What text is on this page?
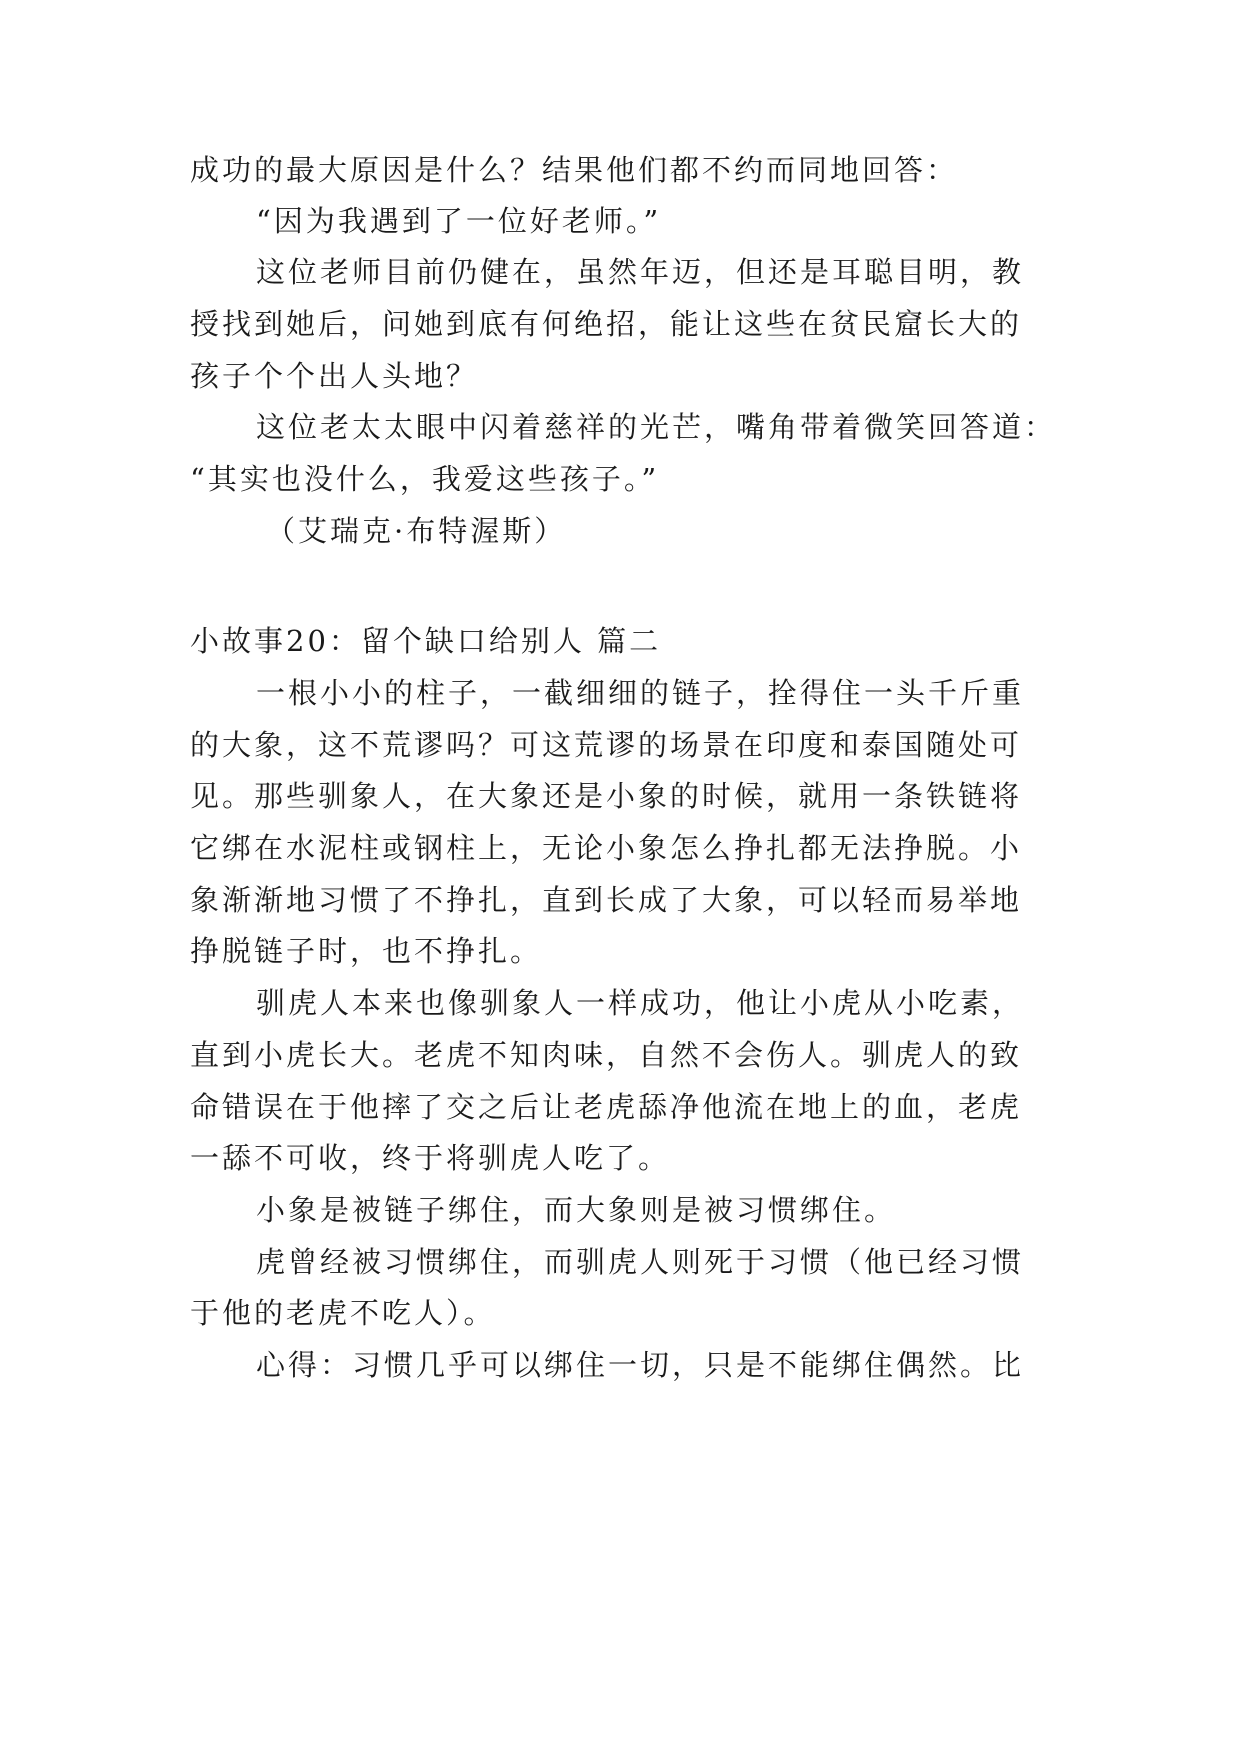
成功的最大原因是什么？结果他们都不约而同地回答：
“因为我遇到了一位好老师。”
这位老师目前仍健在，虽然年迈，但还是耳聪目明，教
授找到她后，问她到底有何绝招，能让这些在贫民窟长大的
孩子个个出人头地？
这位老太太眼中闪着慈祥的光芒，嘴角带着微笑回答道：
“其实也没什么，我爱这些孩子。”
（艾瑞克·布特渥斯）
小故事20：留个缺口给别人 篇二
一根小小的柱子，一截细细的链子，拴得住一头千斤重
的大象，这不荒谬吗？可这荒谬的场景在印度和泰国随处可
见。那些驯象人，在大象还是小象的时候，就用一条铁链将
它绑在水泥柱或钢柱上，无论小象怎么挣扎都无法挣脱。小
象渐渐地习惯了不挣扎，直到长成了大象，可以轻而易举地
挣脱链子时，也不挣扎。
驯虎人本来也像驯象人一样成功，他让小虎从小吃素，
直到小虎长大。老虎不知肉味，自然不会伤人。驯虎人的致
命错误在于他摔了交之后让老虎舔净他流在地上的血，老虎
一舔不可收，终于将驯虎人吃了。
小象是被链子绑住，而大象则是被习惯绑住。
虎曾经被习惯绑住，而驯虎人则死于习惯（他已经习惯
于他的老虎不吃人）。
心得：习惯几乎可以绑住一切，只是不能绑住偶然。比
